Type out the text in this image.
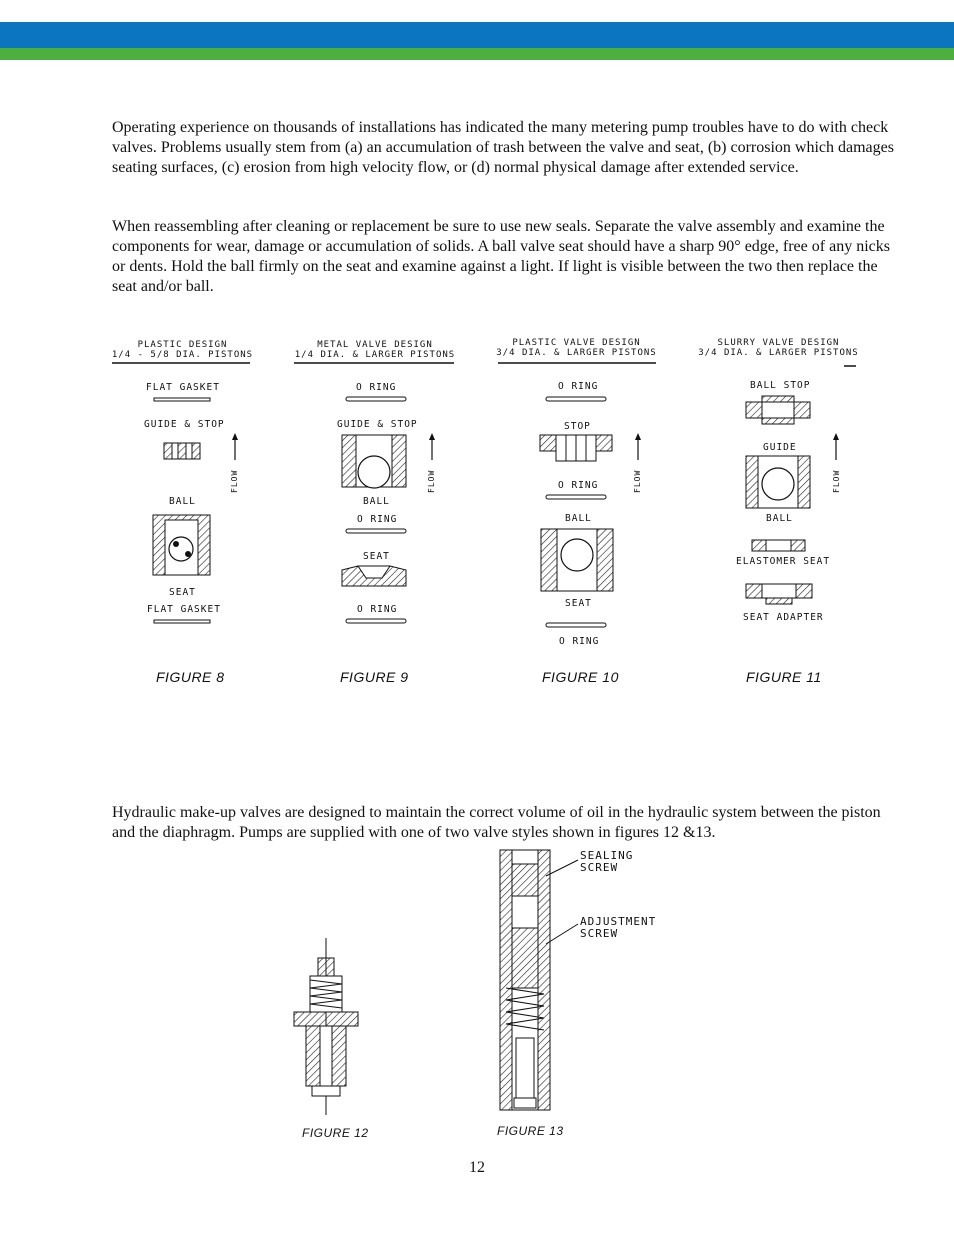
Operating experience on thousands of installations has indicated the many metering pump troubles have to do with check valves. Problems usually stem from (a) an accumulation of trash between the valve and seat, (b) corrosion which damages seating surfaces, (c) erosion from high velocity flow, or (d) normal physical damage after extended service.

When reassembling after cleaning or replacement be sure to use new seals. Separate the valve assembly and examine the components for wear, damage or accumulation of solids. A ball valve seat should have a sharp 90° edge, free of any nicks or dents. Hold the ball firmly on the seat and examine against a light. If light is visible between the two then replace the seat and/or ball.

PLASTIC DESIGN
1/4 - 5/8 DIA. PISTONS
FLAT GASKET
GUIDE & STOP
BALL
SEAT
FLAT GASKET
FLOW
FIGURE 8
METAL VALVE DESIGN
1/4 DIA. & LARGER PISTONS
O RING
GUIDE & STOP
BALL
O RING
SEAT
O RING
FLOW
FIGURE 9
PLASTIC VALVE DESIGN
3/4 DIA. & LARGER PISTONS
O RING
STOP
O RING
BALL
SEAT
O RING
FLOW
FIGURE 10
SLURRY VALVE DESIGN
3/4 DIA. & LARGER PISTONS
BALL STOP
GUIDE
BALL
ELASTOMER SEAT
SEAT ADAPTER
FLOW
FIGURE 11

Hydraulic make-up valves are designed to maintain the correct volume of oil in the hydraulic system between the piston and the diaphragm. Pumps are supplied with one of two valve styles shown in figures 12 &13.

FIGURE 12
SEALING
SCREW
ADJUSTMENT
SCREW
FIGURE 13
12
